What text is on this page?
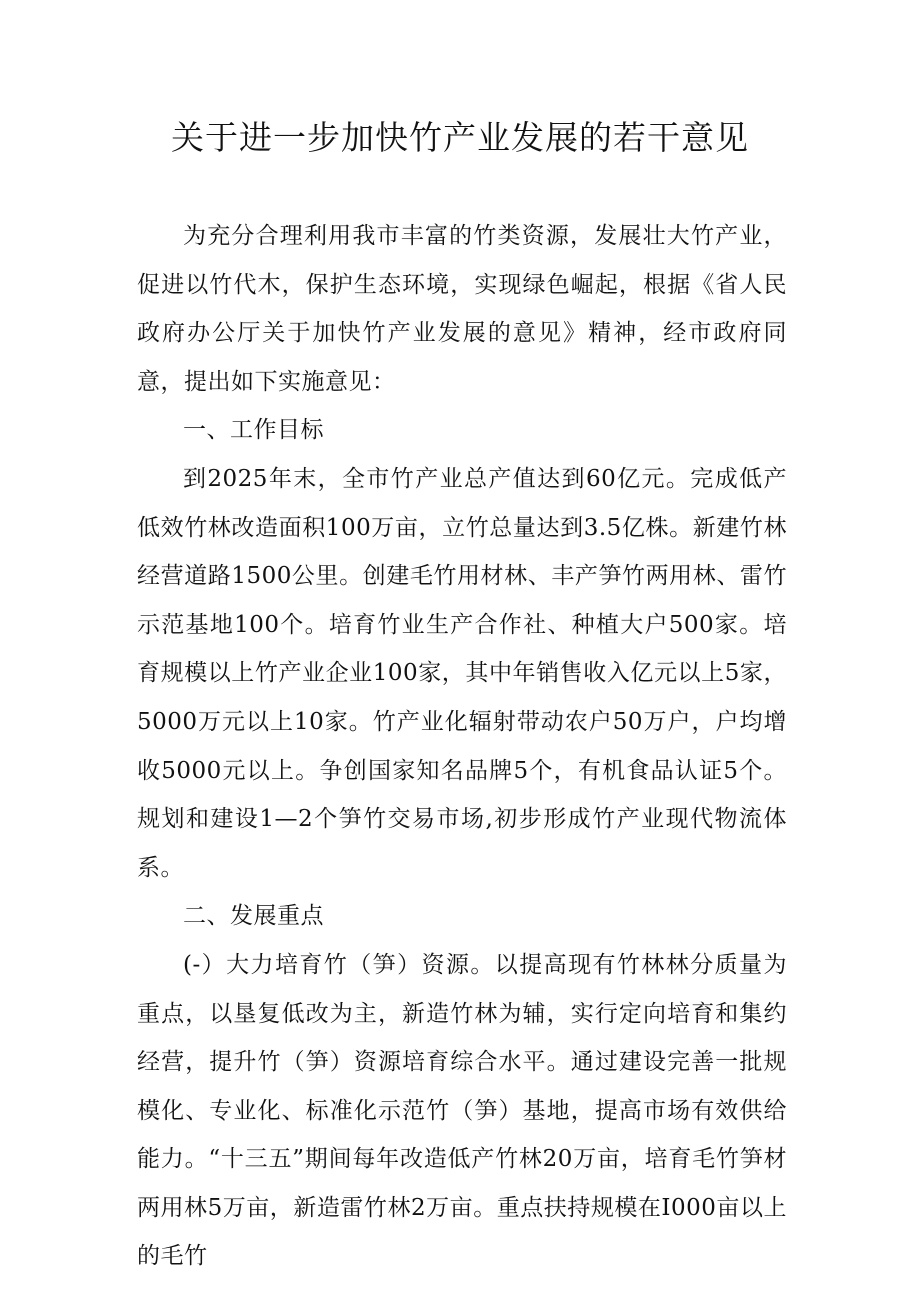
关于进一步加快竹产业发展的若干意见

为充分合理利用我市丰富的竹类资源，发展壮大竹产业，促进以竹代木，保护生态环境，实现绿色崛起，根据《省人民政府办公厅关于加快竹产业发展的意见》精神，经市政府同意，提出如下实施意见：

一、工作目标

到2025年末，全市竹产业总产值达到60亿元。完成低产低效竹林改造面积100万亩，立竹总量达到3.5亿株。新建竹林经营道路1500公里。创建毛竹用材林、丰产笋竹两用林、雷竹示范基地100个。培育竹业生产合作社、种植大户500家。培育规模以上竹产业企业100家，其中年销售收入亿元以上5家，5000万元以上10家。竹产业化辐射带动农户50万户，户均增收5000元以上。争创国家知名品牌5个，有机食品认证5个。规划和建设1—2个笋竹交易市场,初步形成竹产业现代物流体系。

二、发展重点

(-）大力培育竹（笋）资源。以提高现有竹林林分质量为重点，以垦复低改为主，新造竹林为辅，实行定向培育和集约经营，提升竹（笋）资源培育综合水平。通过建设完善一批规模化、专业化、标准化示范竹（笋）基地，提高市场有效供给能力。“十三五”期间每年改造低产竹林20万亩，培育毛竹笋材两用林5万亩，新造雷竹林2万亩。重点扶持规模在I000亩以上的毛竹
